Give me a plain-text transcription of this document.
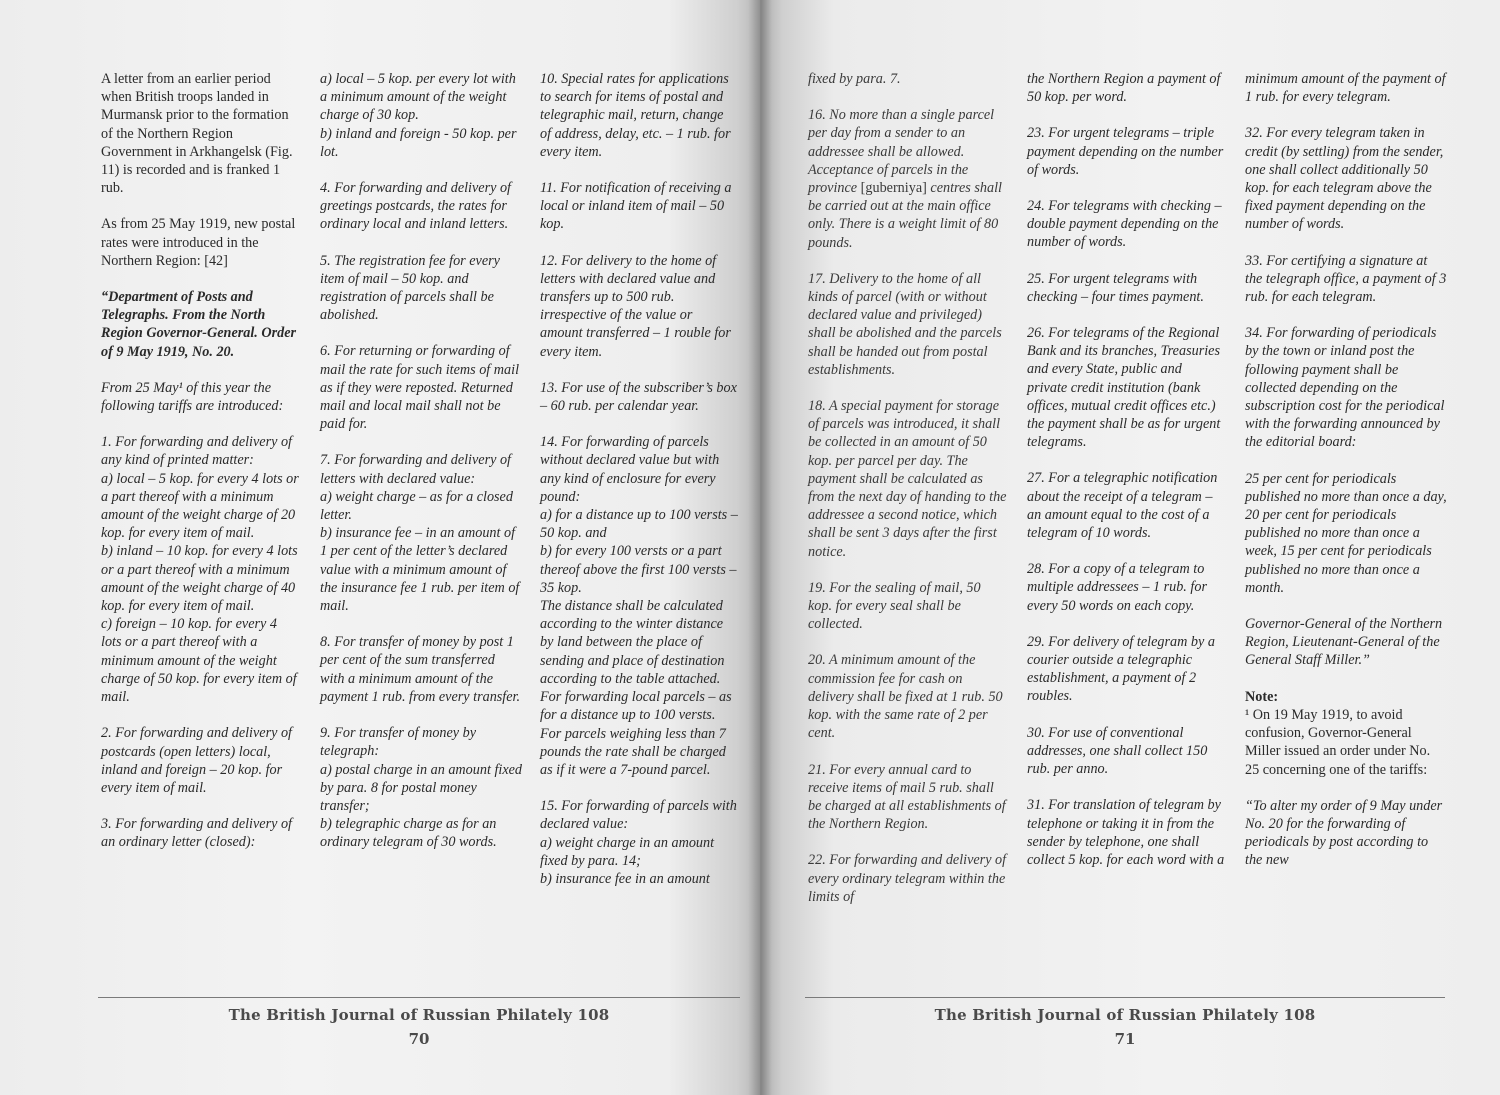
A letter from an earlier period when British troops landed in Murmansk prior to the formation of the Northern Region Government in Arkhangelsk (Fig. 11) is recorded and is franked 1 rub.

As from 25 May 1919, new postal rates were introduced in the Northern Region: [42]

“Department of Posts and Telegraphs. From the North Region Governor-General. Order of 9 May 1919, No. 20.

From 25 May¹ of this year the following tariffs are introduced:

1. For forwarding and delivery of any kind of printed matter:
a) local – 5 kop. for every 4 lots or a part thereof with a minimum amount of the weight charge of 20 kop. for every item of mail.
b) inland – 10 kop. for every 4 lots or a part thereof with a minimum amount of the weight charge of 40 kop. for every item of mail.
c) foreign – 10 kop. for every 4 lots or a part thereof with a minimum amount of the weight charge of 50 kop. for every item of mail.

2. For forwarding and delivery of postcards (open letters) local, inland and foreign – 20 kop. for every item of mail.

3. For forwarding and delivery of an ordinary letter (closed):

a) local – 5 kop. per every lot with a minimum amount of the weight charge of 30 kop.
b) inland and foreign - 50 kop. per lot.

4. For forwarding and delivery of greetings postcards, the rates for ordinary local and inland letters.

5. The registration fee for every item of mail – 50 kop. and registration of parcels shall be abolished.

6. For returning or forwarding of mail the rate for such items of mail as if they were reposted. Returned mail and local mail shall not be paid for.

7. For forwarding and delivery of letters with declared value:
a) weight charge – as for a closed letter.
b) insurance fee – in an amount of 1 per cent of the letter’s declared value with a minimum amount of the insurance fee 1 rub. per item of mail.

8. For transfer of money by post 1 per cent of the sum transferred with a minimum amount of the payment 1 rub. from every transfer.

9. For transfer of money by telegraph:
a) postal charge in an amount fixed by para. 8 for postal money transfer;
b) telegraphic charge as for an ordinary telegram of 30 words.

10. Special rates for applications to search for items of postal and telegraphic mail, return, change of address, delay, etc. – 1 rub. for every item.

11. For notification of receiving a local or inland item of mail – 50 kop.

12. For delivery to the home of letters with declared value and transfers up to 500 rub. irrespective of the value or amount transferred – 1 rouble for every item.

13. For use of the subscriber’s box – 60 rub. per calendar year.

14. For forwarding of parcels without declared value but with any kind of enclosure for every pound:
a) for a distance up to 100 versts – 50 kop. and
b) for every 100 versts or a part thereof above the first 100 versts – 35 kop.
The distance shall be calculated according to the winter distance by land between the place of sending and place of destination according to the table attached. For forwarding local parcels – as for a distance up to 100 versts. For parcels weighing less than 7 pounds the rate shall be charged as if it were a 7-pound parcel.

15. For forwarding of parcels with declared value:
a) weight charge in an amount fixed by para. 14;
b) insurance fee in an amount

The British Journal of Russian Philately 108
70

fixed by para. 7.

16. No more than a single parcel per day from a sender to an addressee shall be allowed. Acceptance of parcels in the province [guberniya] centres shall be carried out at the main office only. There is a weight limit of 80 pounds.

17. Delivery to the home of all kinds of parcel (with or without declared value and privileged) shall be abolished and the parcels shall be handed out from postal establishments.

18. A special payment for storage of parcels was introduced, it shall be collected in an amount of 50 kop. per parcel per day. The payment shall be calculated as from the next day of handing to the addressee a second notice, which shall be sent 3 days after the first notice.

19. For the sealing of mail, 50 kop. for every seal shall be collected.

20. A minimum amount of the commission fee for cash on delivery shall be fixed at 1 rub. 50 kop. with the same rate of 2 per cent.

21. For every annual card to receive items of mail 5 rub. shall be charged at all establishments of the Northern Region.

22. For forwarding and delivery of every ordinary telegram within the limits of

the Northern Region a payment of 50 kop. per word.

23. For urgent telegrams – triple payment depending on the number of words.

24. For telegrams with checking – double payment depending on the number of words.

25. For urgent telegrams with checking – four times payment.

26. For telegrams of the Regional Bank and its branches, Treasuries and every State, public and private credit institution (bank offices, mutual credit offices etc.) the payment shall be as for urgent telegrams.

27. For a telegraphic notification about the receipt of a telegram – an amount equal to the cost of a telegram of 10 words.

28. For a copy of a telegram to multiple addressees – 1 rub. for every 50 words on each copy.

29. For delivery of telegram by a courier outside a telegraphic establishment, a payment of 2 roubles.

30. For use of conventional addresses, one shall collect 150 rub. per anno.

31. For translation of telegram by telephone or taking it in from the sender by telephone, one shall collect 5 kop. for each word with a

minimum amount of the payment of 1 rub. for every telegram.

32. For every telegram taken in credit (by settling) from the sender, one shall collect additionally 50 kop. for each telegram above the fixed payment depending on the number of words.

33. For certifying a signature at the telegraph office, a payment of 3 rub. for each telegram.

34. For forwarding of periodicals by the town or inland post the following payment shall be collected depending on the subscription cost for the periodical with the forwarding announced by the editorial board:

25 per cent for periodicals published no more than once a day, 20 per cent for periodicals published no more than once a week, 15 per cent for periodicals published no more than once a month.

Governor-General of the Northern Region, Lieutenant-General of the General Staff Miller.”

Note:

¹ On 19 May 1919, to avoid confusion, Governor-General Miller issued an order under No. 25 concerning one of the tariffs:

“To alter my order of 9 May under No. 20 for the forwarding of periodicals by post according to the new

The British Journal of Russian Philately 108
71
